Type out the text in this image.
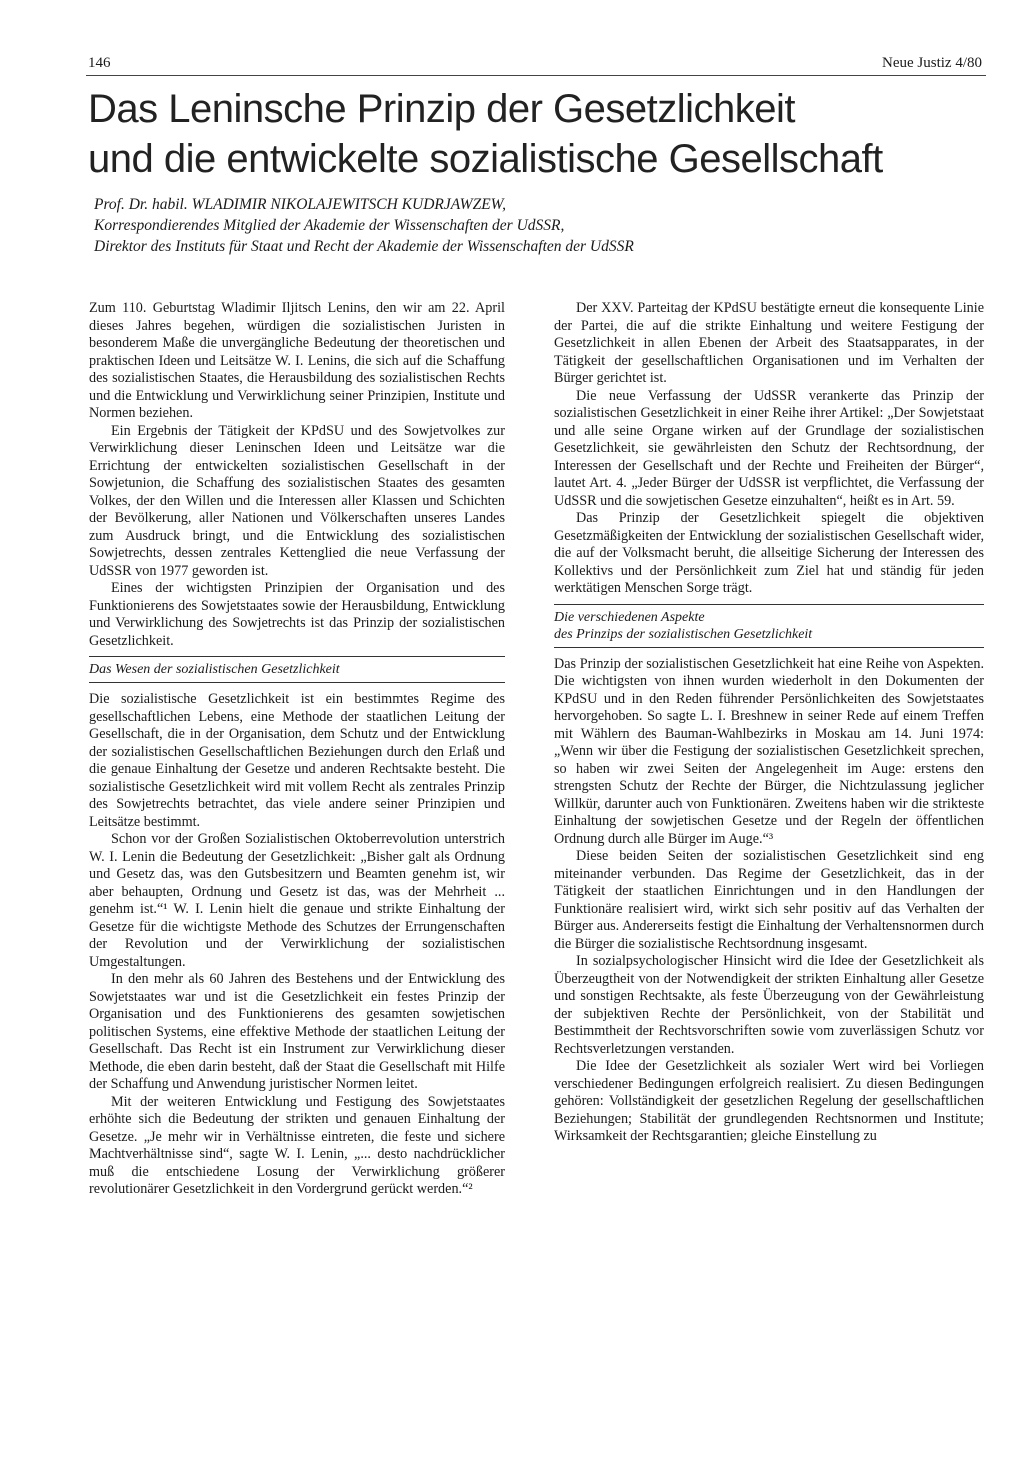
146	Neue Justiz 4/80
Das Leninsche Prinzip der Gesetzlichkeit
und die entwickelte sozialistische Gesellschaft
Prof. Dr. habil. WLADIMIR NIKOLAJEWITSCH KUDRJAWZEW,
Korrespondierendes Mitglied der Akademie der Wissenschaften der UdSSR,
Direktor des Instituts für Staat und Recht der Akademie der Wissenschaften der UdSSR

Zum 110. Geburtstag Wladimir Iljitsch Lenins, den wir am 22. April dieses Jahres begehen, würdigen die sozialistischen Juristen in besonderem Maße die unvergängliche Bedeutung der theoretischen und praktischen Ideen und Leitsätze W. I. Lenins, die sich auf die Schaffung des sozialistischen Staates, die Herausbildung des sozialistischen Rechts und die Entwicklung und Verwirklichung seiner Prinzipien, Institute und Normen beziehen.

Ein Ergebnis der Tätigkeit der KPdSU und des Sowjetvolkes zur Verwirklichung dieser Leninschen Ideen und Leitsätze war die Errichtung der entwickelten sozialistischen Gesellschaft in der Sowjetunion, die Schaffung des sozialistischen Staates des gesamten Volkes, der den Willen und die Interessen aller Klassen und Schichten der Bevölkerung, aller Nationen und Völkerschaften unseres Landes zum Ausdruck bringt, und die Entwicklung des sozialistischen Sowjetrechts, dessen zentrales Kettenglied die neue Verfassung der UdSSR von 1977 geworden ist.

Eines der wichtigsten Prinzipien der Organisation und des Funktionierens des Sowjetstaates sowie der Herausbildung, Entwicklung und Verwirklichung des Sowjetrechts ist das Prinzip der sozialistischen Gesetzlichkeit.

Das Wesen der sozialistischen Gesetzlichkeit

Die sozialistische Gesetzlichkeit ist ein bestimmtes Regime des gesellschaftlichen Lebens, eine Methode der staatlichen Leitung der Gesellschaft, die in der Organisation, dem Schutz und der Entwicklung der sozialistischen Gesellschaftlichen Beziehungen durch den Erlaß und die genaue Einhaltung der Gesetze und anderen Rechtsakte besteht. Die sozialistische Gesetzlichkeit wird mit vollem Recht als zentrales Prinzip des Sowjetrechts betrachtet, das viele andere seiner Prinzipien und Leitsätze bestimmt.

Schon vor der Großen Sozialistischen Oktoberrevolution unterstrich W. I. Lenin die Bedeutung der Gesetzlichkeit: „Bisher galt als Ordnung und Gesetz das, was den Gutsbesitzern und Beamten genehm ist, wir aber behaupten, Ordnung und Gesetz ist das, was der Mehrheit ... genehm ist.“¹ W. I. Lenin hielt die genaue und strikte Einhaltung der Gesetze für die wichtigste Methode des Schutzes der Errungenschaften der Revolution und der Verwirklichung der sozialistischen Umgestaltungen.

In den mehr als 60 Jahren des Bestehens und der Entwicklung des Sowjetstaates war und ist die Gesetzlichkeit ein festes Prinzip der Organisation und des Funktionierens des gesamten sowjetischen politischen Systems, eine effektive Methode der staatlichen Leitung der Gesellschaft. Das Recht ist ein Instrument zur Verwirklichung dieser Methode, die eben darin besteht, daß der Staat die Gesellschaft mit Hilfe der Schaffung und Anwendung juristischer Normen leitet.

Mit der weiteren Entwicklung und Festigung des Sowjetstaates erhöhte sich die Bedeutung der strikten und genauen Einhaltung der Gesetze. „Je mehr wir in Verhältnisse eintreten, die feste und sichere Machtverhältnisse sind“, sagte W. I. Lenin, „... desto nachdrücklicher muß die entschiedene Losung der Verwirklichung größerer revolutionärer Gesetzlichkeit in den Vordergrund gerückt werden.“²

Der XXV. Parteitag der KPdSU bestätigte erneut die konsequente Linie der Partei, die auf die strikte Einhaltung und weitere Festigung der Gesetzlichkeit in allen Ebenen der Arbeit des Staatsapparates, in der Tätigkeit der gesellschaftlichen Organisationen und im Verhalten der Bürger gerichtet ist.

Die neue Verfassung der UdSSR verankerte das Prinzip der sozialistischen Gesetzlichkeit in einer Reihe ihrer Artikel: „Der Sowjetstaat und alle seine Organe wirken auf der Grundlage der sozialistischen Gesetzlichkeit, sie gewährleisten den Schutz der Rechtsordnung, der Interessen der Gesellschaft und der Rechte und Freiheiten der Bürger“, lautet Art. 4. „Jeder Bürger der UdSSR ist verpflichtet, die Verfassung der UdSSR und die sowjetischen Gesetze einzuhalten“, heißt es in Art. 59.

Das Prinzip der Gesetzlichkeit spiegelt die objektiven Gesetzmäßigkeiten der Entwicklung der sozialistischen Gesellschaft wider, die auf der Volksmacht beruht, die allseitige Sicherung der Interessen des Kollektivs und der Persönlichkeit zum Ziel hat und ständig für jeden werktätigen Menschen Sorge trägt.

Die verschiedenen Aspekte

des Prinzips der sozialistischen Gesetzlichkeit

Das Prinzip der sozialistischen Gesetzlichkeit hat eine Reihe von Aspekten. Die wichtigsten von ihnen wurden wiederholt in den Dokumenten der KPdSU und in den Reden führender Persönlichkeiten des Sowjetstaates hervorgehoben. So sagte L. I. Breshnew in seiner Rede auf einem Treffen mit Wählern des Bauman-Wahlbezirks in Moskau am 14. Juni 1974: „Wenn wir über die Festigung der sozialistischen Gesetzlichkeit sprechen, so haben wir zwei Seiten der Angelegenheit im Auge: erstens den strengsten Schutz der Rechte der Bürger, die Nichtzulassung jeglicher Willkür, darunter auch von Funktionären. Zweitens haben wir die strikteste Einhaltung der sowjetischen Gesetze und der Regeln der öffentlichen Ordnung durch alle Bürger im Auge.“³

Diese beiden Seiten der sozialistischen Gesetzlichkeit sind eng miteinander verbunden. Das Regime der Gesetzlichkeit, das in der Tätigkeit der staatlichen Einrichtungen und in den Handlungen der Funktionäre realisiert wird, wirkt sich sehr positiv auf das Verhalten der Bürger aus. Andererseits festigt die Einhaltung der Verhaltensnormen durch die Bürger die sozialistische Rechtsordnung insgesamt.

In sozialpsychologischer Hinsicht wird die Idee der Gesetzlichkeit als Überzeugtheit von der Notwendigkeit der strikten Einhaltung aller Gesetze und sonstigen Rechtsakte, als feste Überzeugung von der Gewährleistung der subjektiven Rechte der Persönlichkeit, von der Stabilität und Bestimmtheit der Rechtsvorschriften sowie vom zuverlässigen Schutz vor Rechtsverletzungen verstanden.

Die Idee der Gesetzlichkeit als sozialer Wert wird bei Vorliegen verschiedener Bedingungen erfolgreich realisiert. Zu diesen Bedingungen gehören: Vollständigkeit der gesetzlichen Regelung der gesellschaftlichen Beziehungen; Stabilität der grundlegenden Rechtsnormen und Institute; Wirksamkeit der Rechtsgarantien; gleiche Einstellung zu
